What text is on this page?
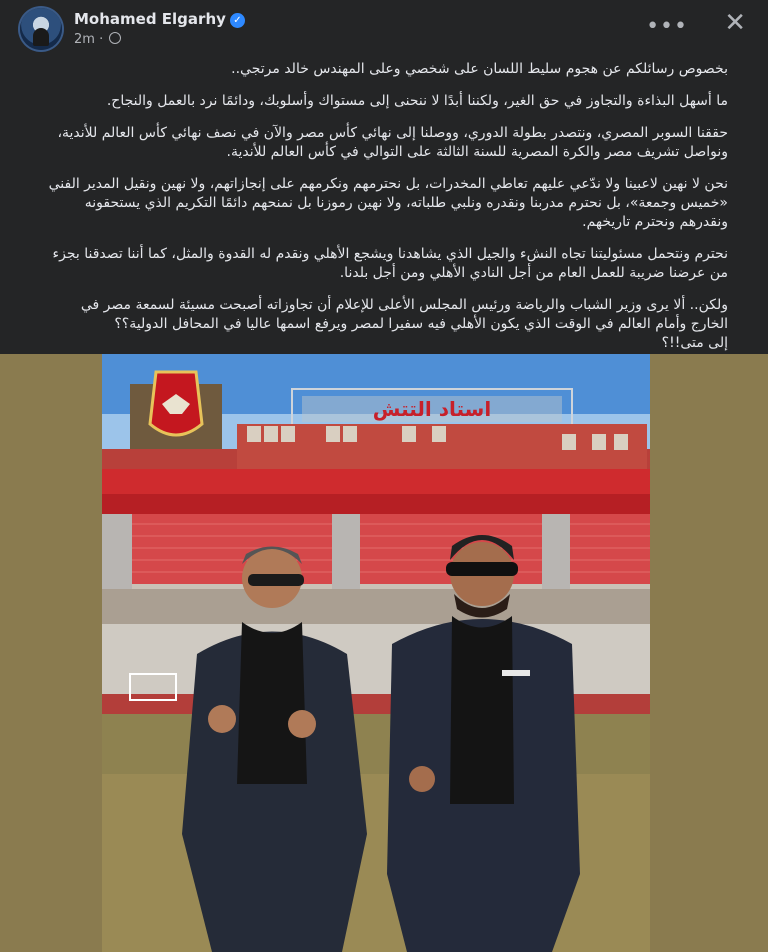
Mohamed Elgarhy ✓
2m ·
••• ✕

بخصوص رسائلكم عن هجوم سليط اللسان على شخصي وعلى المهندس خالد مرتجي..

ما أسهل البذاءة والتجاوز في حق الغير، ولكننا أبدًا لا ننحنى إلى مستواك وأسلوبك، ودائمًا نرد بالعمل والنجاح.

حققنا السوبر المصري، ونتصدر بطولة الدوري، ووصلنا إلى نهائي كأس مصر والآن في نصف نهائي كأس العالم للأندية، ونواصل تشريف مصر والكرة المصرية للسنة الثالثة على التوالي في كأس العالم للأندية.

نحن لا نهين لاعبينا ولا ندّعي عليهم تعاطي المخدرات، بل نحترمهم ونكرمهم على إنجازاتهم، ولا نهين ونقيل المدير الفني «خميس وجمعة»، بل نحترم مدربنا ونقدره ونلبي طلباته، ولا نهين رموزنا بل نمنحهم دائمًا التكريم الذي يستحقونه ونقدرهم ونحترم تاريخهم.

نحترم ونتحمل مسئوليتنا تجاه النشء والجيل الذي يشاهدنا ويشجع الأهلي ونقدم له القدوة والمثل، كما أننا تصدقنا بجزء من عرضنا ضريبة للعمل العام من أجل النادي الأهلي ومن أجل بلدنا.

ولكن.. ألا يرى وزير الشباب والرياضة ورئيس المجلس الأعلى للإعلام أن تجاوزاته أصبحت مسيئة لسمعة مصر في الخارج وأمام العالم في الوقت الذي يكون الأهلي فيه سفيرا لمصر ويرفع اسمها عاليا في المحافل الدولية؟؟
إلى متى!!؟

استاد التتش
